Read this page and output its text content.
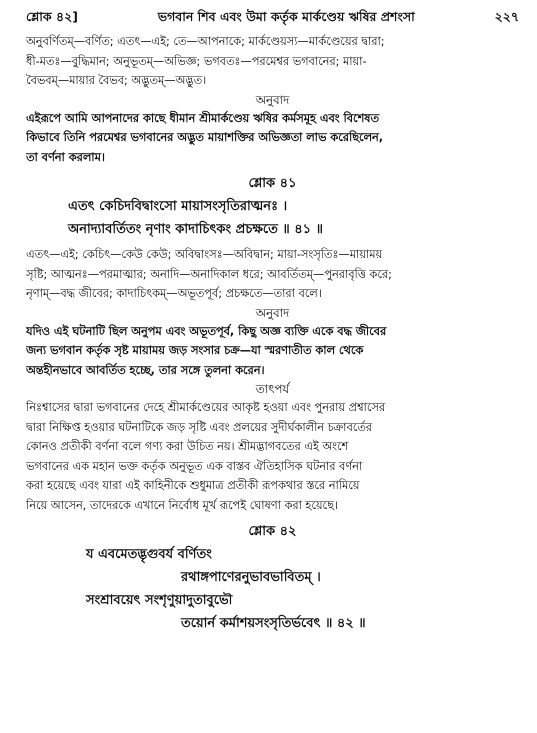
শ্লোক ৪২]	ভগবান শিব এবং উমা কর্তৃক মার্কণ্ডেয় ঋষির প্রশংসা	২২৭
অনুবর্ণিতম্—বর্ণিত; এতৎ—এই; তে—আপনাকে; মার্কণ্ডেয়স্য—মার্কণ্ডেয়ের দ্বারা;
ধী-মতঃ—বুদ্ধিমান; অনুভূতম্—অভিজ্ঞ; ভগবতঃ—পরমেশ্বর ভগবানের; মায়া-
বৈভবম্—মায়ার বৈভব; অদ্ভুতম্—অদ্ভুত।
অনুবাদ
এইরূপে আমি আপনাদের কাছে ধীমান শ্রীমার্কণ্ডেয় ঋষির কর্মসমূহ এবং বিশেষত
কিভাবে তিনি পরমেশ্বর ভগবানের অদ্ভুত মায়াশক্তির অভিজ্ঞতা লাভ করেছিলেন,
তা বর্ণনা করলাম।
শ্লোক ৪১
এতৎ কেচিদবিদ্বাংসো মায়াসংসৃতিরাত্মনঃ ।
অনাদ্যাবর্তিতং নৃণাং কাদাচিৎকং প্রচক্ষতে ॥ ৪১ ॥
এতৎ—এই; কেচিৎ—কেউ কেউ; অবিদ্বাংসঃ—অবিদ্বান; মায়া-সংসৃতিঃ—মায়াময়
সৃষ্টি; আত্মনঃ—পরমাত্মার; অনাদি—অনাদিকাল ধরে; আবর্তিতম্—পুনরাবৃত্তি করে;
নৃণাম্—বদ্ধ জীবের; কাদাচিৎকম্—অভূতপূর্ব; প্রচক্ষতে—তারা বলে।
অনুবাদ
যদিও এই ঘটনাটি ছিল অনুপম এবং অভূতপূর্ব, কিছু অজ্ঞ ব্যক্তি একে বদ্ধ জীবের
জন্য ভগবান কর্তৃক সৃষ্ট মায়াময় জড় সংসার চক্র—যা স্মরণাতীত কাল থেকে
অন্তহীনভাবে আবর্তিত হচ্ছে, তার সঙ্গে তুলনা করেন।
তাৎপর্য
নিঃশ্বাসের দ্বারা ভগবানের দেহে শ্রীমার্কণ্ডেয়ের আকৃষ্ট হওয়া এবং পুনরায় প্রশ্বাসের
দ্বারা নিক্ষিপ্ত হওয়ার ঘটনাটিকে জড় সৃষ্টি এবং প্রলয়ের সুদীর্ঘকালীন চক্রাবর্তের
কোনও প্রতীকী বর্ণনা বলে গণ্য করা উচিত নয়। শ্রীমদ্ভাগবতের এই অংশে
ভগবানের এক মহান ভক্ত কর্তৃক অনুভূত এক বাস্তব ঐতিহাসিক ঘটনার বর্ণনা
করা হয়েছে এবং যারা এই কাহিনীকে শুধুমাত্র প্রতীকী রূপকথার স্তরে নামিয়ে
নিয়ে আসেন, তাদেরকে এখানে নির্বোধ মূর্খ রূপেই ঘোষণা করা হয়েছে।
শ্লোক ৪২
য এবমেতদ্ভৃগুবর্য বর্ণিতং
রথাঙ্গপাণেরনুভাবভাবিতম্ ।
সংশ্রাবয়েৎ সংশৃণুয়াদুতাবুভৌ
তয়োর্ন কর্মাশয়সংসৃতির্ভবেৎ ॥ ৪২ ॥
